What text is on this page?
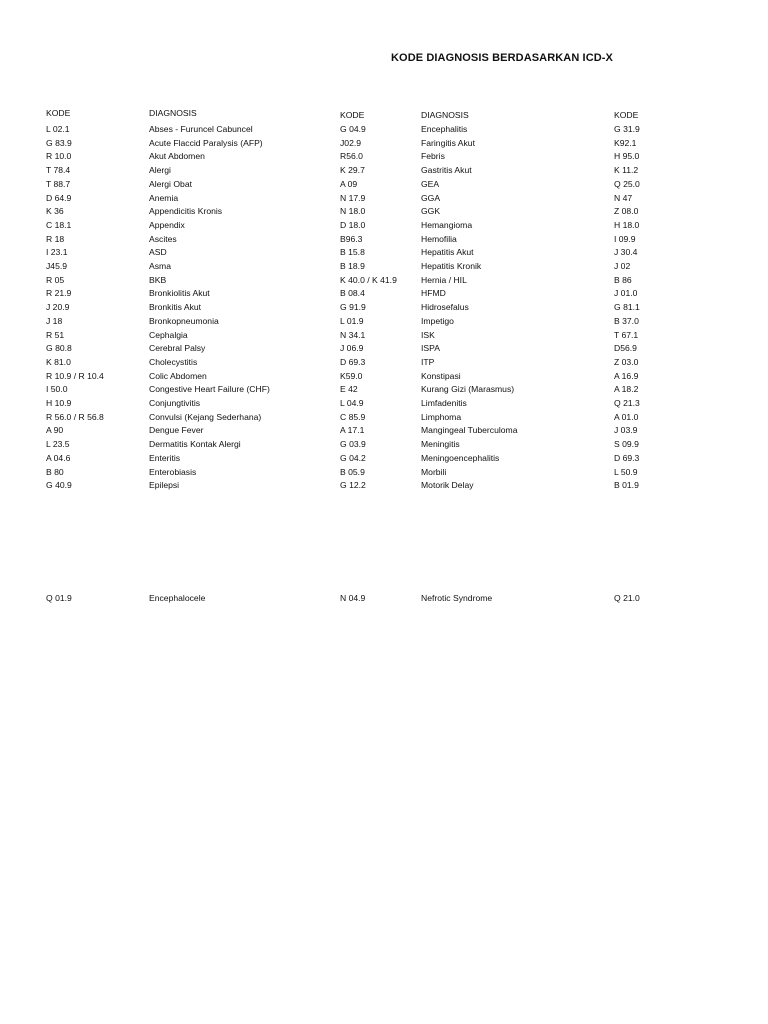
KODE DIAGNOSIS BERDASARKAN ICD-X
KODE	DIAGNOSIS	KODE	DIAGNOSIS	KODE
L 02.1	Abses - Furuncel Cabuncel	G 04.9	Encephalitis	G 31.9
G 83.9	Acute Flaccid Paralysis (AFP)	J02.9	Faringitis Akut	K92.1
R 10.0	Akut Abdomen	R56.0	Febris	H 95.0
T 78.4	Alergi	K 29.7	Gastritis Akut	K 11.2
T 88.7	Alergi Obat	A 09	GEA	Q 25.0
D 64.9	Anemia	N 17.9	GGA	N 47
K 36	Appendicitis Kronis	N 18.0	GGK	Z 08.0
C 18.1	Appendix	D 18.0	Hemangioma	H 18.0
R 18	Ascites	B96.3	Hemofilia	I 09.9
I 23.1	ASD	B 15.8	Hepatitis Akut	J 30.4
J45.9	Asma	B 18.9	Hepatitis Kronik	J 02
R 05	BKB	K 40.0 / K 41.9	Hernia / HIL	B 86
R 21.9	Bronkiolitis Akut	B 08.4	HFMD	J 01.0
J 20.9	Bronkitis Akut	G 91.9	Hidrosefalus	G 81.1
J 18	Bronkopneumonia	L 01.9	Impetigo	B 37.0
R 51	Cephalgia	N 34.1	ISK	T 67.1
G 80.8	Cerebral Palsy	J 06.9	ISPA	D56.9
K 81.0	Cholecystitis	D 69.3	ITP	Z 03.0
R 10.9 / R 10.4	Colic Abdomen	K59.0	Konstipasi	A 16.9
I 50.0	Congestive Heart Failure (CHF)	E 42	Kurang Gizi (Marasmus)	A 18.2
H 10.9	Conjungtivitis	L 04.9	Limfadenitis	Q 21.3
R 56.0 / R 56.8	Convulsi (Kejang Sederhana)	C 85.9	Limphoma	A 01.0
A 90	Dengue Fever	A 17.1	Mangingeal Tuberculoma	J 03.9
L 23.5	Dermatitis Kontak Alergi	G 03.9	Meningitis	S 09.9
A 04.6	Enteritis	G 04.2	Meningoencephalitis	D 69.3
B 80	Enterobiasis	B 05.9	Morbili	L 50.9
G 40.9	Epilepsi	G 12.2	Motorik Delay	B 01.9
Q 01.9	Encephalocele	N 04.9	Nefrotic Syndrome	Q 21.0
